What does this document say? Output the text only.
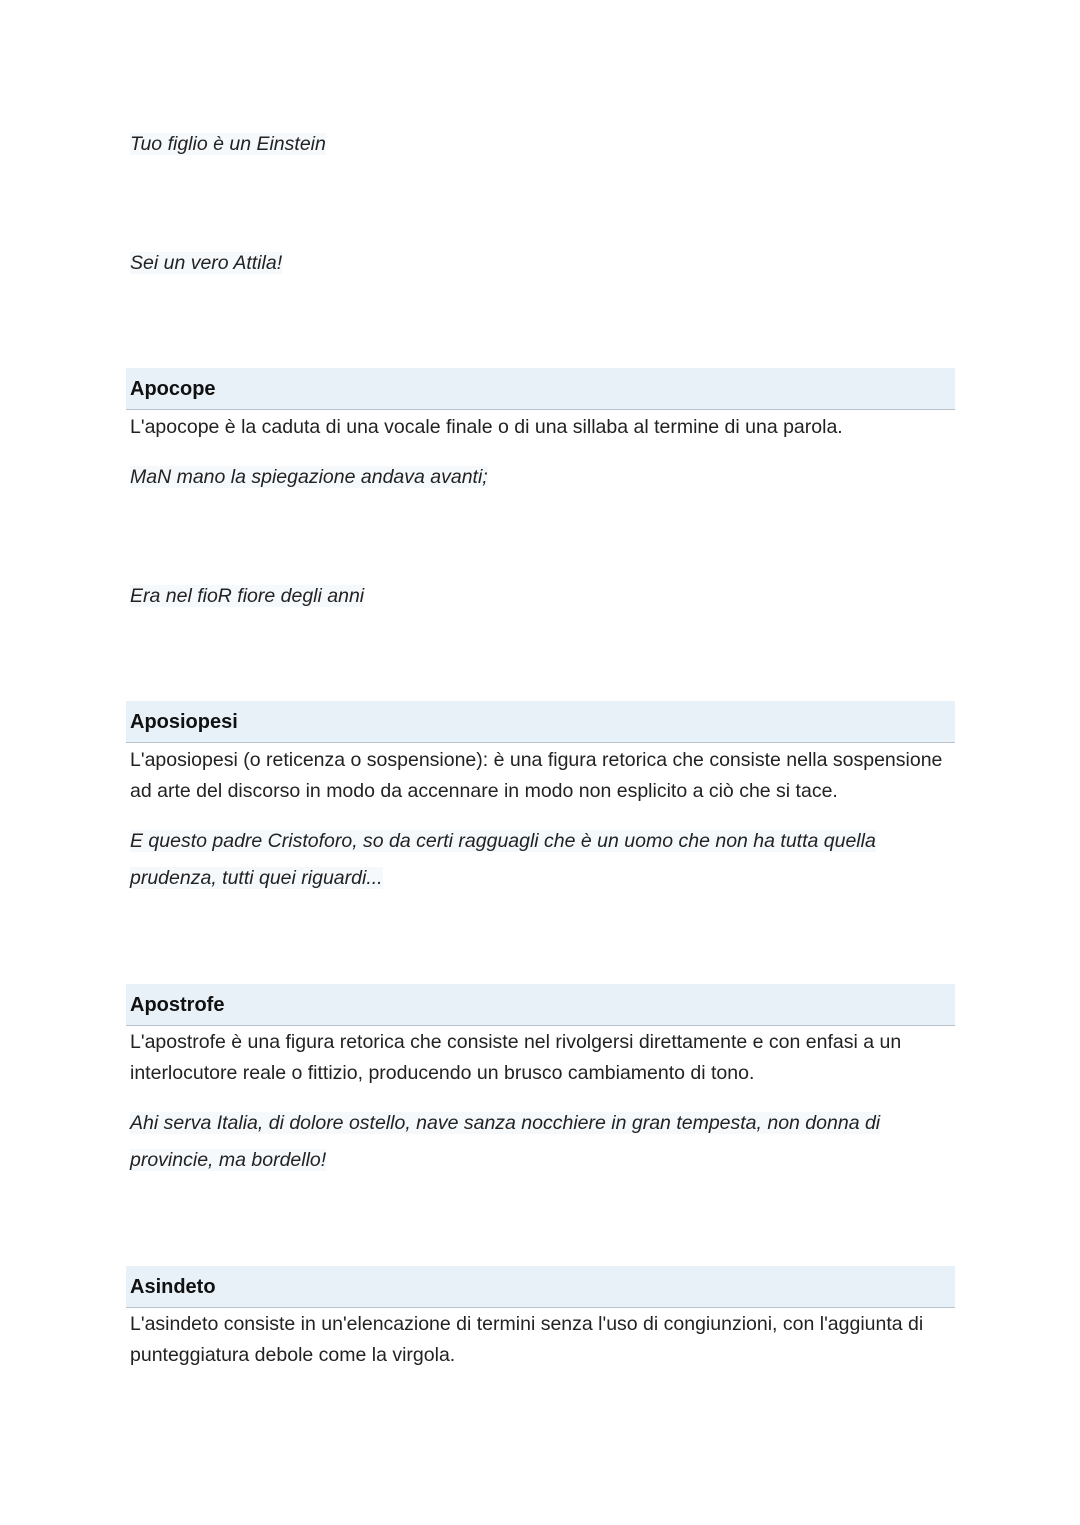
Tuo figlio è un Einstein
Sei un vero Attila!
Apocope
L'apocope è la caduta di una vocale finale o di una sillaba al termine di una parola.
MaN mano la spiegazione andava avanti;
Era nel fioR fiore degli anni
Aposiopesi
L'aposiopesi (o reticenza o sospensione): è una figura retorica che consiste nella sospensione ad arte del discorso in modo da accennare in modo non esplicito a ciò che si tace.
E questo padre Cristoforo, so da certi ragguagli che è un uomo che non ha tutta quella prudenza, tutti quei riguardi...
Apostrofe
L'apostrofe è una figura retorica che consiste nel rivolgersi direttamente e con enfasi a un interlocutore reale o fittizio, producendo un brusco cambiamento di tono.
Ahi serva Italia, di dolore ostello, nave sanza nocchiere in gran tempesta, non donna di provincie, ma bordello!
Asindeto
L'asindeto consiste in un'elencazione di termini senza l'uso di congiunzioni, con l'aggiunta di punteggiatura debole come la virgola.
